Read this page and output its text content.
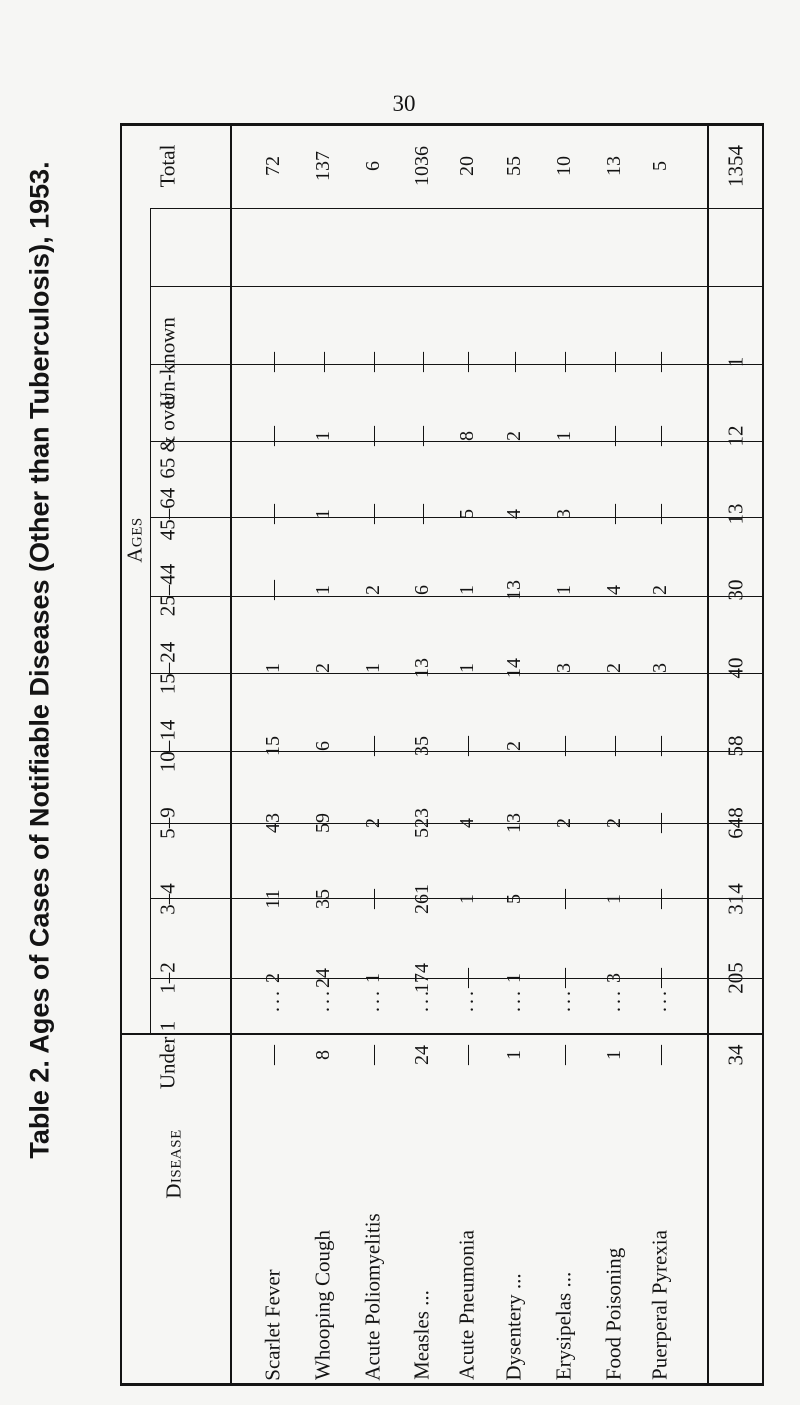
30
Table 2. Ages of Cases of Notifiable Diseases (Other than Tuberculosis), 1953.	Ages
Disease
1354
Under 1
1–2
3–4
5–9
10–14
15–24
25–44
45–64
65 & over
Un-known
Total
Scarlet Fever
...
—
2
11
43
15
1
—
—
—
—
72
Whooping Cough
...
8
24
35
59
6
2
1
1
1
—
137
Acute Poliomyelitis
...
—
1
—
2
—
1
2
—
—
—
6
Measles ...
...
24
174
261
523
35
13
6
—
—
—
1036
Acute Pneumonia
...
—
—
1
4
—
1
1
5
8
—
20
Dysentery ...
...
1
1
5
13
2
14
13
4
2
—
55
Erysipelas ...
...
—
—
—
2
—
3
1
3
1
—
10
Food Poisoning
...
1
3
1
2
—
2
4
—
—
—
13
Puerperal Pyrexia
...
—
—
—
—
—
3
2
—
—
—
5
34
205
314
648
58
40
30
13
12
1
